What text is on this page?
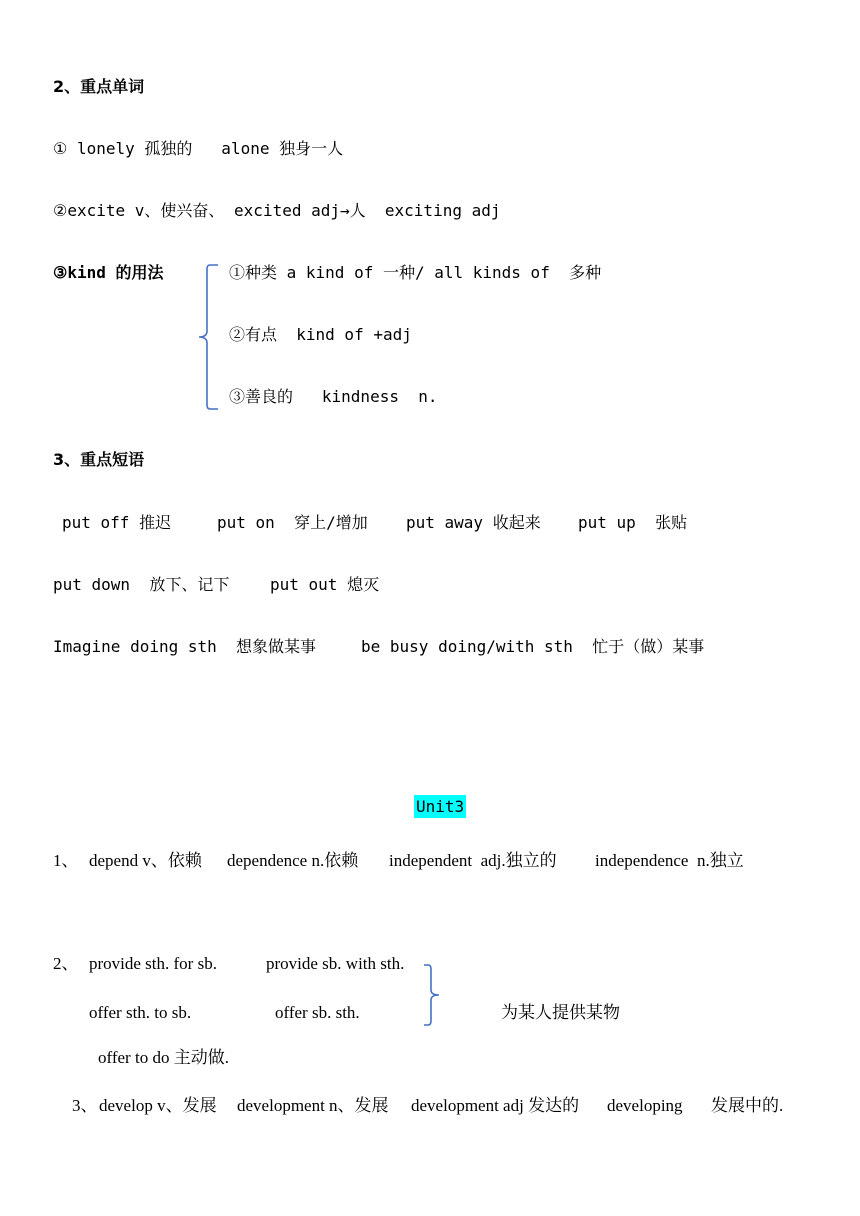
2、重点单词
① lonely 孤独的   alone 独身一人
②excite v、使兴奋、 excited adj→人  exciting adj
③kind 的用法	①种类 a kind of 一种/ all kinds of  多种
②有点  kind of +adj
③善良的   kindness  n.
3、重点短语
put off 推迟	put on  穿上/增加 put away 收起来 put up  张贴
put down  放下、记下	put out 熄灭
Imagine doing sth  想象做某事	be busy doing/with sth  忙于（做）某事
Unit3
1、 depend v、依赖 dependence n.依赖 independent  adj.独立的 independence  n.独立
2、 provide sth. for sb.	provide sb. with sth.
offer sth. to sb.	offer sb. sth.	为某人提供某物
offer to do 主动做.
3、 develop v、发展 development n、发展 development adj 发达的 developing 发展中的.
